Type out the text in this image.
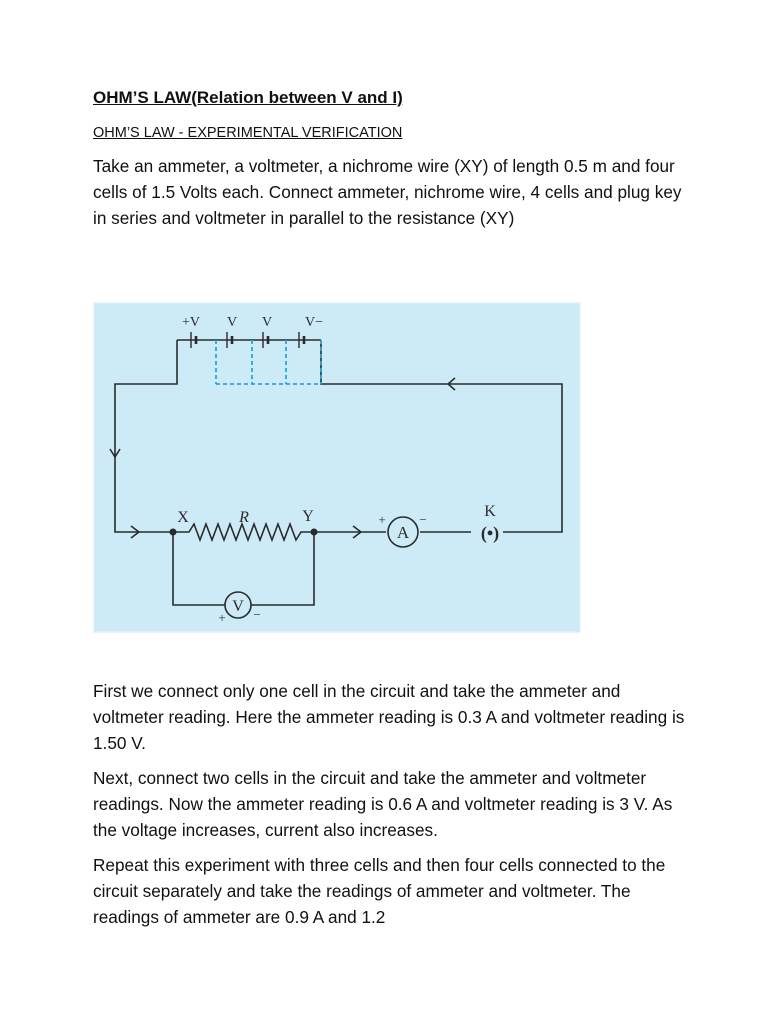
OHM’S LAW(Relation between V and I)
OHM’S LAW - EXPERIMENTAL VERIFICATION

Take an ammeter, a voltmeter, a nichrome wire (XY) of length 0.5 m and four cells of 1.5 Volts each. Connect ammeter, nichrome wire, 4 cells and plug key in series and voltmeter in parallel to the resistance (XY)

A
+	−
V
+ −
(•)
+V V V V−
X	R	Y	K

First we connect only one cell in the circuit and take the ammeter and voltmeter reading. Here the ammeter reading is 0.3 A and voltmeter reading is 1.50 V.

Next, connect two cells in the circuit and take the ammeter and voltmeter readings. Now the ammeter reading is 0.6 A and voltmeter reading is 3 V. As the voltage increases, current also increases.

Repeat this experiment with three cells and then four cells connected to the circuit separately and take the readings of ammeter and voltmeter. The readings of ammeter are 0.9 A and 1.2
